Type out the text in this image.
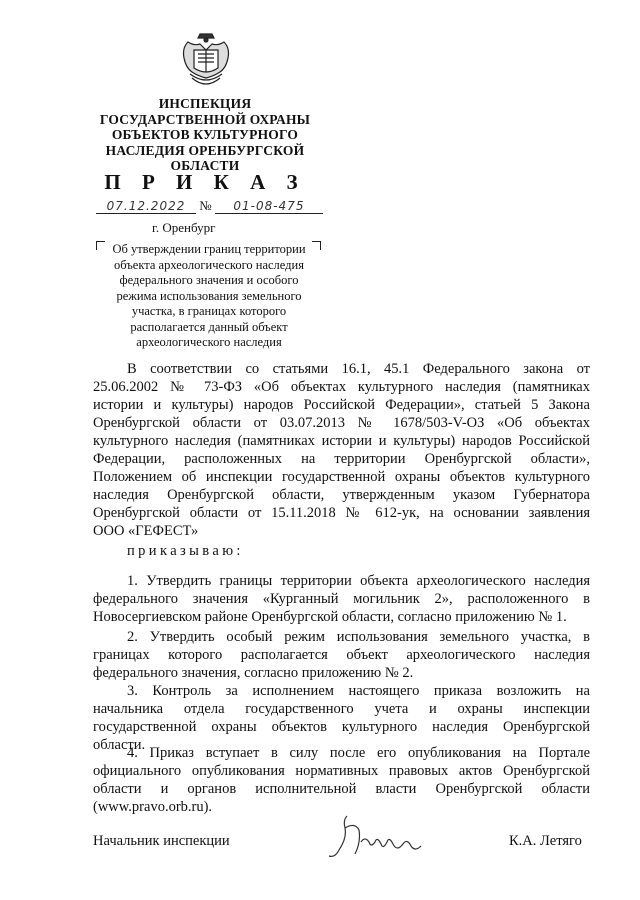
ИНСПЕКЦИЯ
ГОСУДАРСТВЕННОЙ ОХРАНЫ
ОБЪЕКТОВ КУЛЬТУРНОГО
НАСЛЕДИЯ ОРЕНБУРГСКОЙ
ОБЛАСТИ
П Р И К А З
07.12.2022 № 01-08-475
г. Оренбург
Об утверждении границ территории
объекта археологического наследия
федерального значения и особого
режима использования земельного
участка, в границах которого
располагается данный объект
археологического наследия
В соответствии со статьями 16.1, 45.1 Федерального закона от
25.06.2002 № 73-ФЗ «Об объектах культурного наследия (памятниках
истории и культуры) народов Российской Федерации», статьей 5 Закона
Оренбургской области от 03.07.2013 № 1678/503-V-ОЗ «Об объектах
культурного наследия (памятниках истории и культуры) народов Российской
Федерации, расположенных на территории Оренбургской области»,
Положением об инспекции государственной охраны объектов культурного
наследия Оренбургской области, утвержденным указом Губернатора
Оренбургской области от 15.11.2018 № 612-ук, на основании заявления
ООО «ГЕФЕСТ»
приказываю:
1. Утвердить границы территории объекта археологического наследия
федерального значения «Курганный могильник 2», расположенного в
Новосергиевском районе Оренбургской области, согласно приложению № 1.
2. Утвердить особый режим использования земельного участка, в
границах которого располагается объект археологического наследия
федерального значения, согласно приложению № 2.
3. Контроль за исполнением настоящего приказа возложить на
начальника отдела государственного учета и охраны инспекции
государственной охраны объектов культурного наследия Оренбургской
области.
4. Приказ вступает в силу после его опубликования на Портале
официального опубликования нормативных правовых актов Оренбургской
области и органов исполнительной власти Оренбургской области
(www.pravo.orb.ru).
Начальник инспекции	К.А. Летяго
